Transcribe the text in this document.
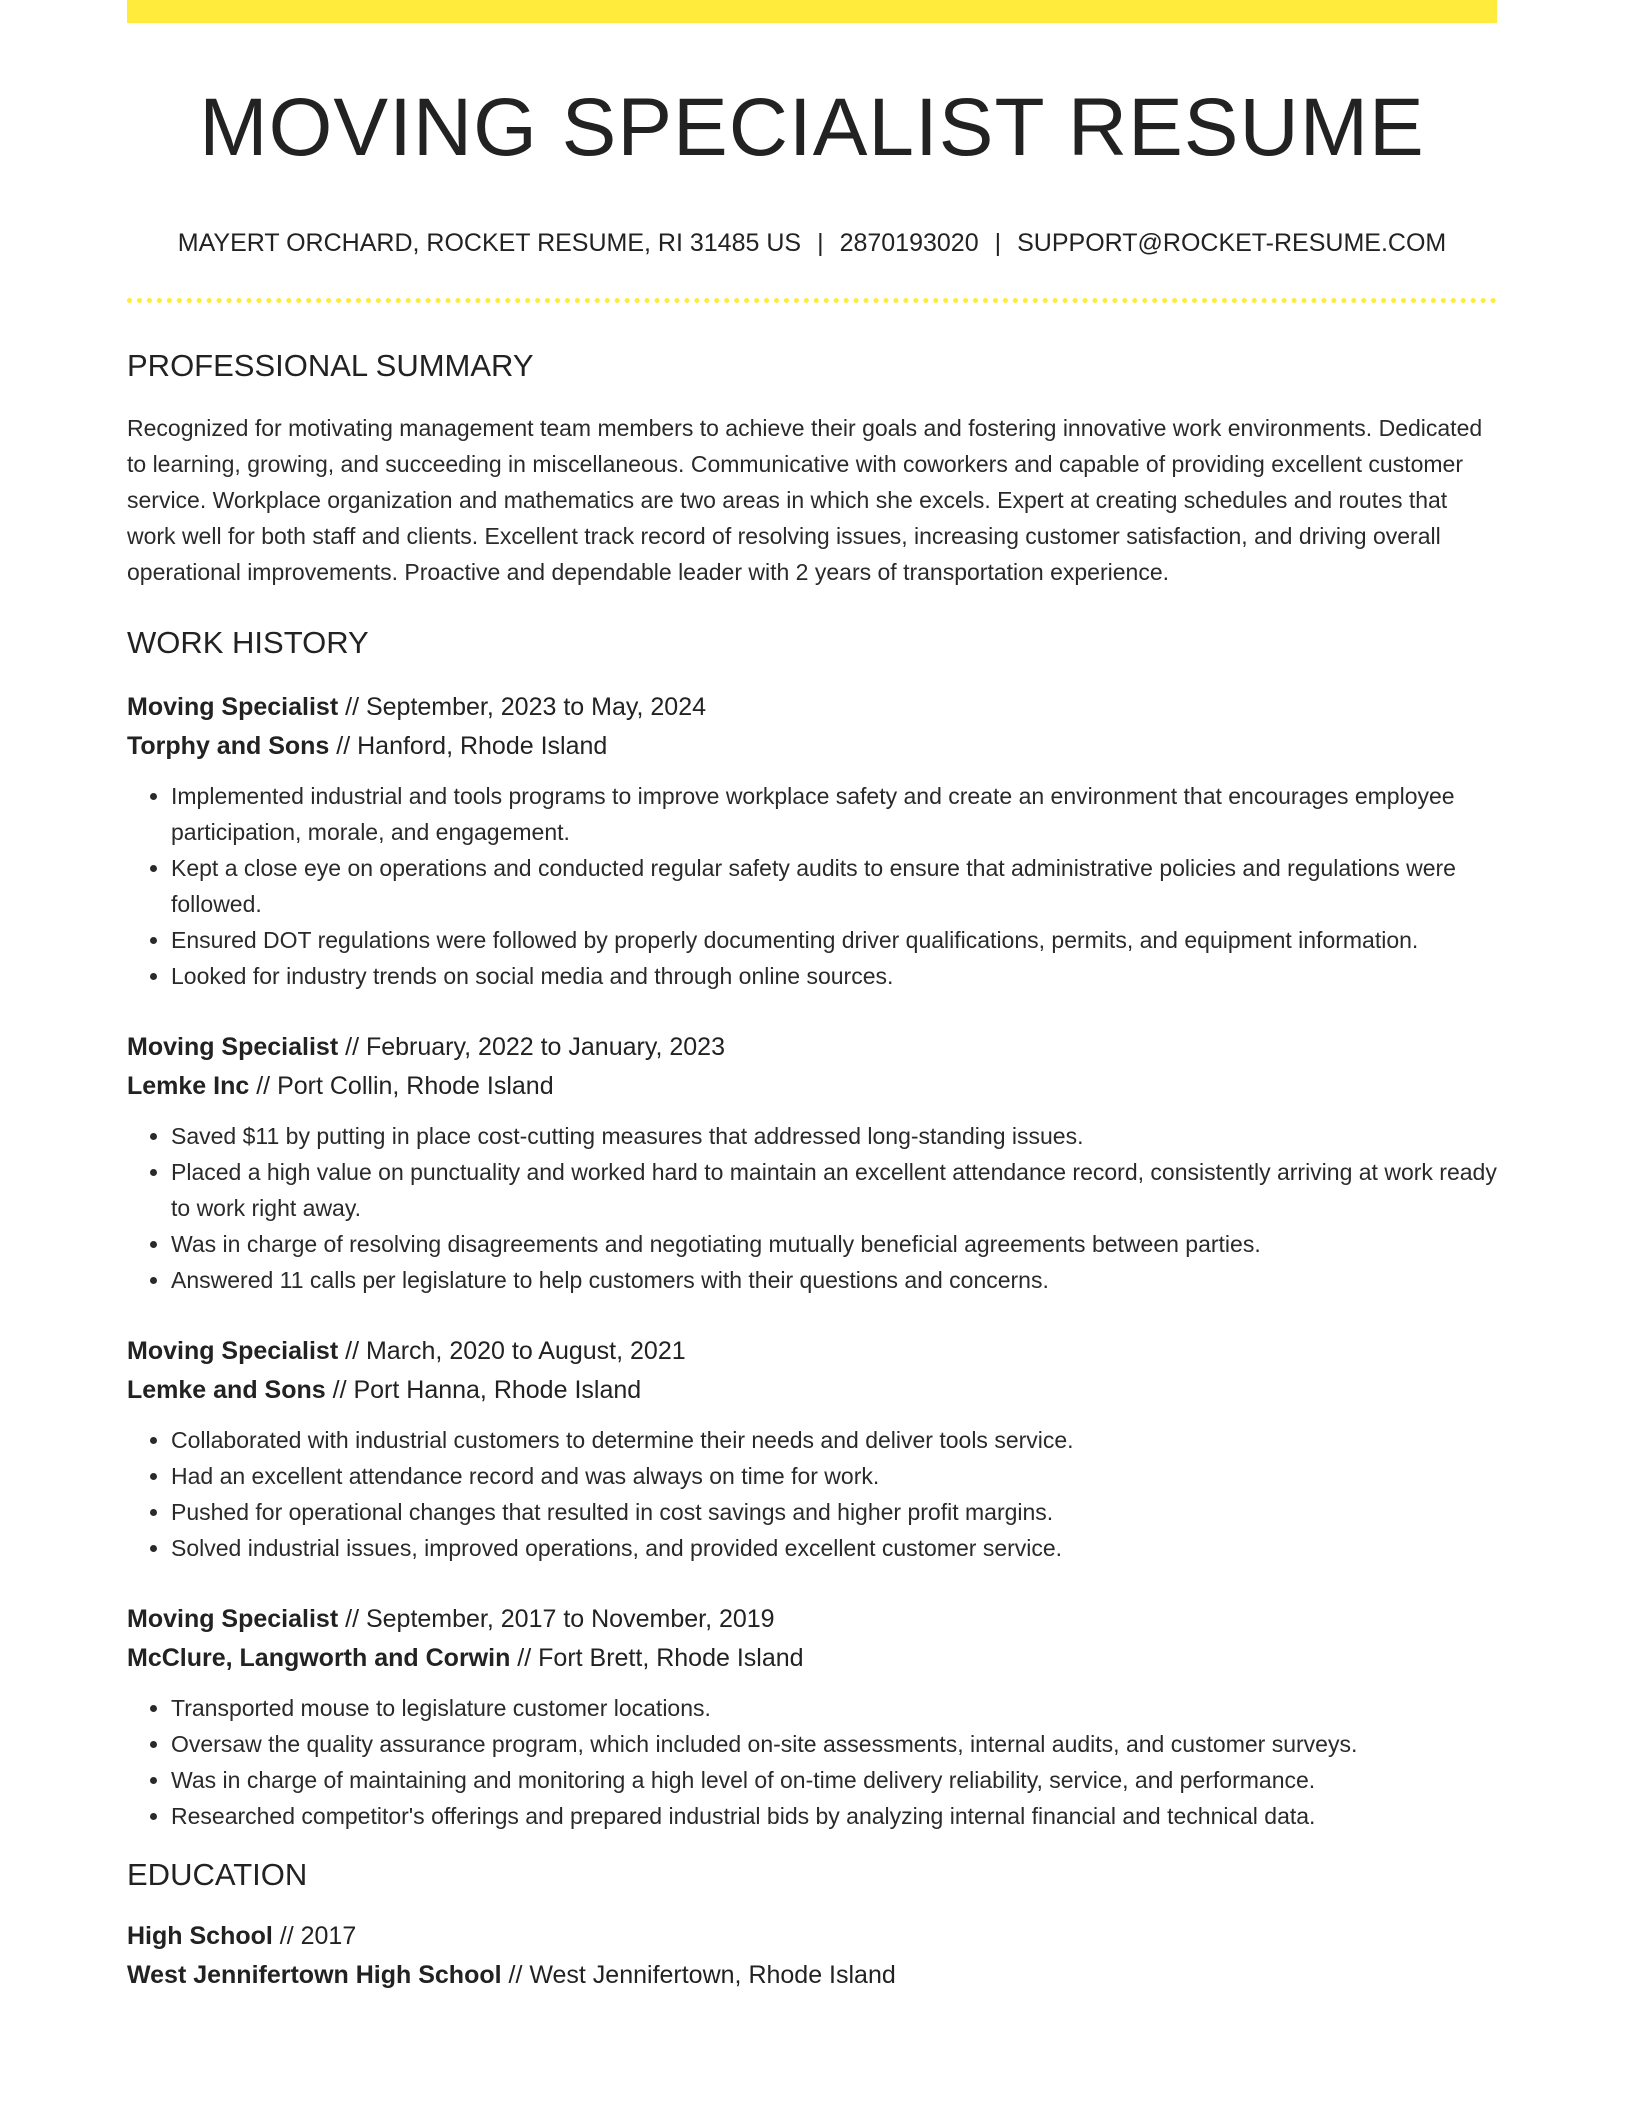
MOVING SPECIALIST RESUME
MAYERT ORCHARD, ROCKET RESUME, RI 31485 US | 2870193020 | SUPPORT@ROCKET-RESUME.COM
PROFESSIONAL SUMMARY

Recognized for motivating management team members to achieve their goals and fostering innovative work environments. Dedicated to learning, growing, and succeeding in miscellaneous. Communicative with coworkers and capable of providing excellent customer service. Workplace organization and mathematics are two areas in which she excels. Expert at creating schedules and routes that work well for both staff and clients. Excellent track record of resolving issues, increasing customer satisfaction, and driving overall operational improvements. Proactive and dependable leader with 2 years of transportation experience.

WORK HISTORY
Moving Specialist // September, 2023 to May, 2024
Torphy and Sons // Hanford, Rhode Island
• Implemented industrial and tools programs to improve workplace safety and create an environment that encourages employee participation, morale, and engagement.
• Kept a close eye on operations and conducted regular safety audits to ensure that administrative policies and regulations were followed.
• Ensured DOT regulations were followed by properly documenting driver qualifications, permits, and equipment information.
• Looked for industry trends on social media and through online sources.
Moving Specialist // February, 2022 to January, 2023
Lemke Inc // Port Collin, Rhode Island
• Saved $11 by putting in place cost-cutting measures that addressed long-standing issues.
• Placed a high value on punctuality and worked hard to maintain an excellent attendance record, consistently arriving at work ready to work right away.
• Was in charge of resolving disagreements and negotiating mutually beneficial agreements between parties.
• Answered 11 calls per legislature to help customers with their questions and concerns.
Moving Specialist // March, 2020 to August, 2021
Lemke and Sons // Port Hanna, Rhode Island
• Collaborated with industrial customers to determine their needs and deliver tools service.
• Had an excellent attendance record and was always on time for work.
• Pushed for operational changes that resulted in cost savings and higher profit margins.
• Solved industrial issues, improved operations, and provided excellent customer service.
Moving Specialist // September, 2017 to November, 2019
McClure, Langworth and Corwin // Fort Brett, Rhode Island
• Transported mouse to legislature customer locations.
• Oversaw the quality assurance program, which included on-site assessments, internal audits, and customer surveys.
• Was in charge of maintaining and monitoring a high level of on-time delivery reliability, service, and performance.
• Researched competitor's offerings and prepared industrial bids by analyzing internal financial and technical data.
EDUCATION
High School // 2017
West Jennifertown High School // West Jennifertown, Rhode Island
